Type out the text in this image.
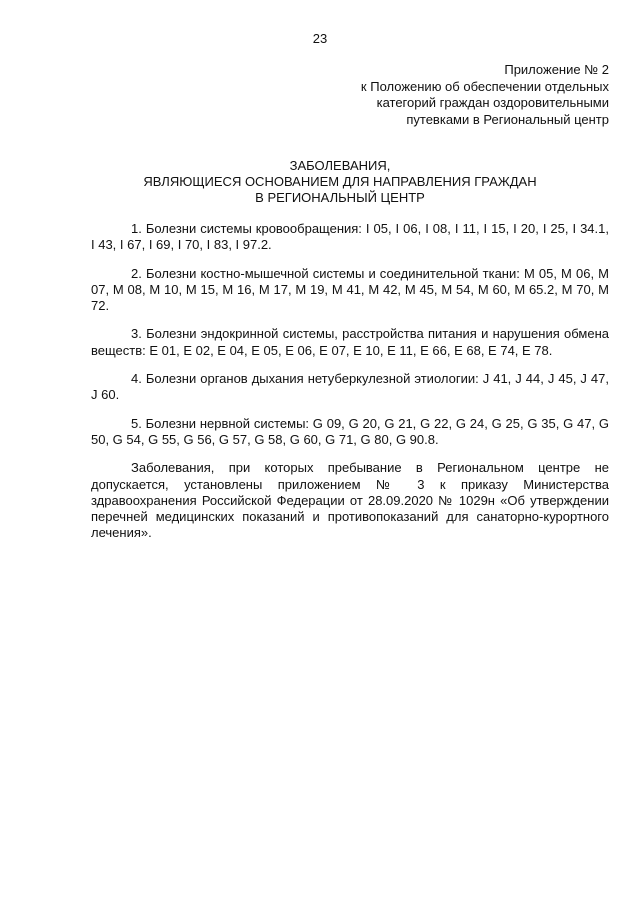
23
Приложение № 2
к Положению об обеспечении отдельных
категорий граждан оздоровительными
путевками в Региональный центр
ЗАБОЛЕВАНИЯ,
ЯВЛЯЮЩИЕСЯ ОСНОВАНИЕМ ДЛЯ НАПРАВЛЕНИЯ ГРАЖДАН
В РЕГИОНАЛЬНЫЙ ЦЕНТР

1. Болезни системы кровообращения: I 05, I 06, I 08, I 11, I 15, I 20, I 25, I 34.1, I 43, I 67, I 69, I 70, I 83, I 97.2.

2. Болезни костно-мышечной системы и соединительной ткани: M 05, M 06, M 07, M 08, M 10, M 15, M 16, M 17, M 19, M 41, M 42, M 45, M 54, M 60, M 65.2, M 70, M 72.

3. Болезни эндокринной системы, расстройства питания и нарушения обмена веществ: E 01, E 02, E 04, E 05, E 06, E 07, E 10, E 11, E 66, E 68, E 74, E 78.

4. Болезни органов дыхания нетуберкулезной этиологии: J 41, J 44, J 45, J 47, J 60.

5. Болезни нервной системы: G 09, G 20, G 21, G 22, G 24, G 25, G 35, G 47, G 50, G 54, G 55, G 56, G 57, G 58, G 60, G 71, G 80, G 90.8.

Заболевания, при которых пребывание в Региональном центре не допускается, установлены приложением № 3 к приказу Министерства здравоохранения Российской Федерации от 28.09.2020 № 1029н «Об утверждении перечней медицинских показаний и противопоказаний для санаторно-курортного лечения».
